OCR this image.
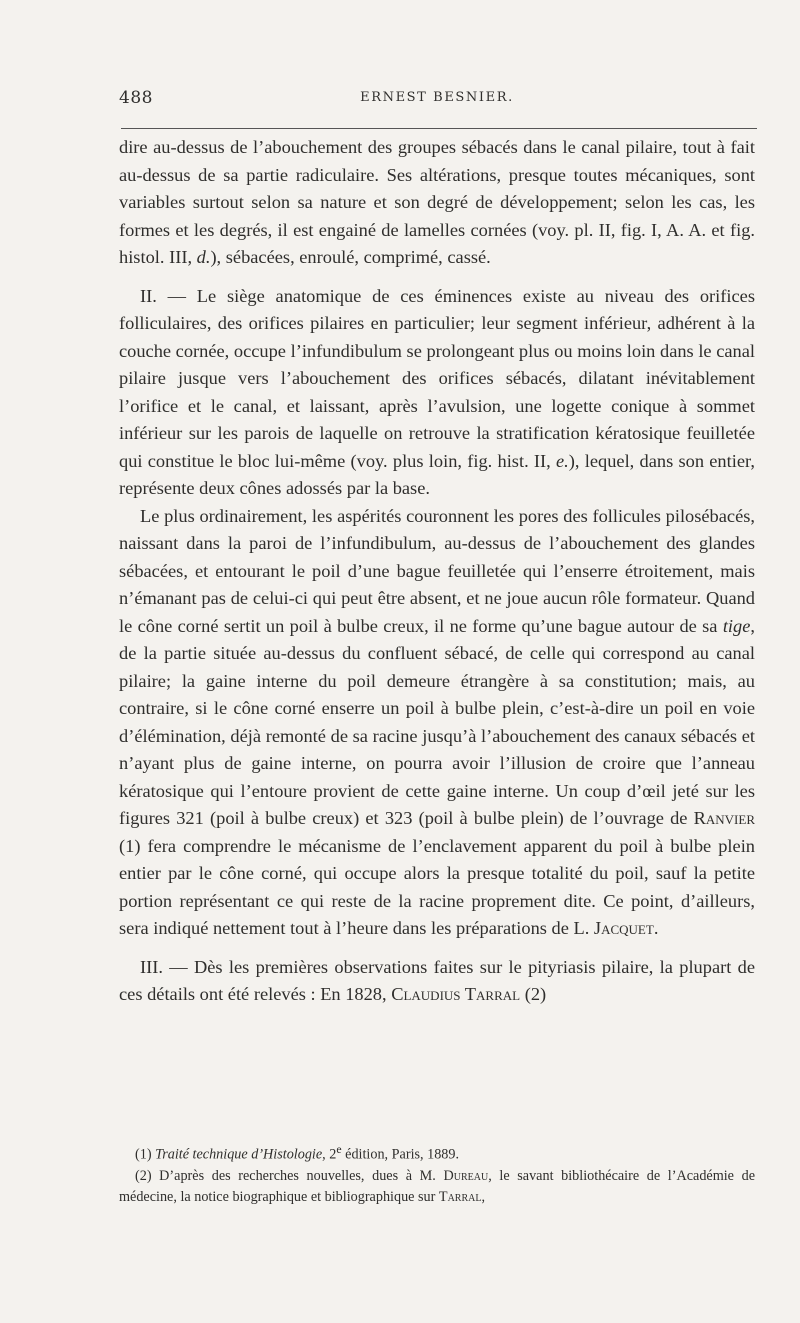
488	ERNEST BESNIER.

dire au-dessus de l’abouchement des groupes sébacés dans le canal pilaire, tout à fait au-dessus de sa partie radiculaire. Ses altérations, presque toutes mécaniques, sont variables surtout selon sa nature et son degré de développement; selon les cas, les formes et les degrés, il est engainé de lamelles cornées (voy. pl. II, fig. I, A. A. et fig. histol. III, d.), sébacées, enroulé, comprimé, cassé.

II. — Le siège anatomique de ces éminences existe au niveau des orifices folliculaires, des orifices pilaires en particulier; leur segment inférieur, adhérent à la couche cornée, occupe l’infundibulum se prolongeant plus ou moins loin dans le canal pilaire jusque vers l’abouchement des orifices sébacés, dilatant inévitablement l’orifice et le canal, et laissant, après l’avulsion, une logette conique à sommet inférieur sur les parois de laquelle on retrouve la stratification kératosique feuilletée qui constitue le bloc lui-même (voy. plus loin, fig. hist. II, e.), lequel, dans son entier, représente deux cônes adossés par la base.

Le plus ordinairement, les aspérités couronnent les pores des follicules pilosébacés, naissant dans la paroi de l’infundibulum, au-dessus de l’abouchement des glandes sébacées, et entourant le poil d’une bague feuilletée qui l’enserre étroitement, mais n’émanant pas de celui-ci qui peut être absent, et ne joue aucun rôle formateur. Quand le cône corné sertit un poil à bulbe creux, il ne forme qu’une bague autour de sa tige, de la partie située au-dessus du confluent sébacé, de celle qui correspond au canal pilaire; la gaine interne du poil demeure étrangère à sa constitution; mais, au contraire, si le cône corné enserre un poil à bulbe plein, c’est-à-dire un poil en voie d’élémination, déjà remonté de sa racine jusqu’à l’abouchement des canaux sébacés et n’ayant plus de gaine interne, on pourra avoir l’illusion de croire que l’anneau kératosique qui l’entoure provient de cette gaine interne. Un coup d’œil jeté sur les figures 321 (poil à bulbe creux) et 323 (poil à bulbe plein) de l’ouvrage de Ranvier (1) fera comprendre le mécanisme de l’enclavement apparent du poil à bulbe plein entier par le cône corné, qui occupe alors la presque totalité du poil, sauf la petite portion représentant ce qui reste de la racine proprement dite. Ce point, d’ailleurs, sera indiqué nettement tout à l’heure dans les préparations de L. Jacquet.

III. — Dès les premières observations faites sur le pityriasis pilaire, la plupart de ces détails ont été relevés : En 1828, Claudius Tarral (2)

(1) Traité technique d’Histologie, 2e édition, Paris, 1889.

(2) D’après des recherches nouvelles, dues à M. Dureau, le savant bibliothécaire de l’Académie de médecine, la notice biographique et bibliographique sur Tarral,
